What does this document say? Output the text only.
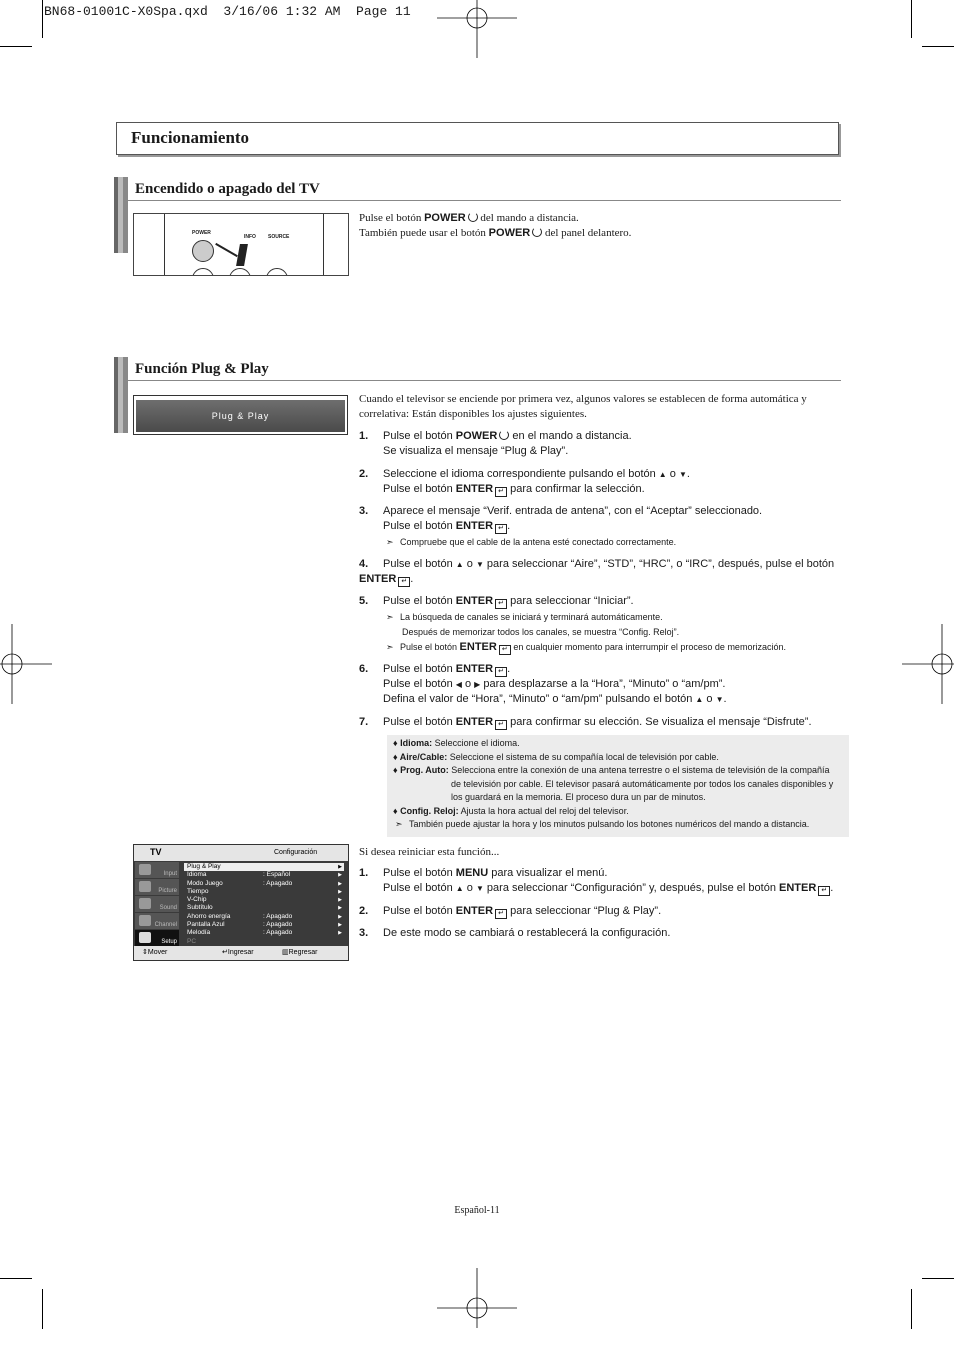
BN68-01001C-X0Spa.qxd  3/16/06 1:32 AM  Page 11
Funcionamiento
Encendido o apagado del TV
POWER
INFO SOURCE
Pulse el botón POWER del mando a distancia.
También puede usar el botón POWER del panel delantero.
Función Plug & Play
Plug & Play
Cuando el televisor se enciende por primera vez, algunos valores se establecen de forma automática y correlativa: Están disponibles los ajustes siguientes.
1. Pulse el botón POWER en el mando a distancia.
Se visualiza el mensaje “Plug & Play”.
2. Seleccione el idioma correspondiente pulsando el botón ▲ o ▼.
Pulse el botón ENTER ↵ para confirmar la selección.
3. Aparece el mensaje “Verif. entrada de antena”, con el “Aceptar” seleccionado.
Pulse el botón ENTER ↵ .
➣ Compruebe que el cable de la antena esté conectado correctamente.
4. Pulse el botón ▲ o ▼ para seleccionar “Aire”, “STD”, “HRC”, o “IRC”, después, pulse el botón
ENTER ↵ .
5. Pulse el botón ENTER ↵ para seleccionar “Iniciar”.
➣ La búsqueda de canales se iniciará y terminará automáticamente.
Después de memorizar todos los canales, se muestra “Config. Reloj”.
➣ Pulse el botón ENTER ↵ en cualquier momento para interrumpir el proceso de memorización.
6. Pulse el botón ENTER ↵ .
Pulse el botón ◀ o ▶ para desplazarse a la “Hora”, “Minuto” o “am/pm”.
Defina el valor de “Hora”, “Minuto” o “am/pm” pulsando el botón ▲ o ▼.
7. Pulse el botón ENTER ↵ para confirmar su elección. Se visualiza el mensaje “Disfrute”.
♦ Idioma: Seleccione el idioma.
♦ Aire/Cable: Seleccione el sistema de su compañía local de televisión por cable.
♦ Prog. Auto: Selecciona entre la conexión de una antena terrestre o el sistema de televisión de la compañía
de televisión por cable. El televisor pasará automáticamente por todos los canales disponibles y
los guardará en la memoria. El proceso dura un par de minutos.
♦ Config. Reloj: Ajusta la hora actual del reloj del televisor.
➣ También puede ajustar la hora y los minutos pulsando los botones numéricos del mando a distancia.
Si desea reiniciar esta función...
1. Pulse el botón MENU para visualizar el menú.
Pulse el botón ▲ o ▼ para seleccionar “Configuración” y, después, pulse el botón ENTER ↵ .
2. Pulse el botón ENTER ↵ para seleccionar “Plug & Play”.
3. De este modo se cambiará o restablecerá la configuración.
TV	Configuración
Input
Picture
Sound
Channel
Setup
Plug & Play	▶
Idioma	: Español	▶
Modo Juego	: Apagado	▶
Tiempo	▶
V-Chip	▶
Subtítulo	▶
Ahorro energía	: Apagado	▶
Pantalla Azul	: Apagado	▶
Melodía	: Apagado	▶
PC
⇕Mover	↵Ingresar	▥Regresar
Español-11
